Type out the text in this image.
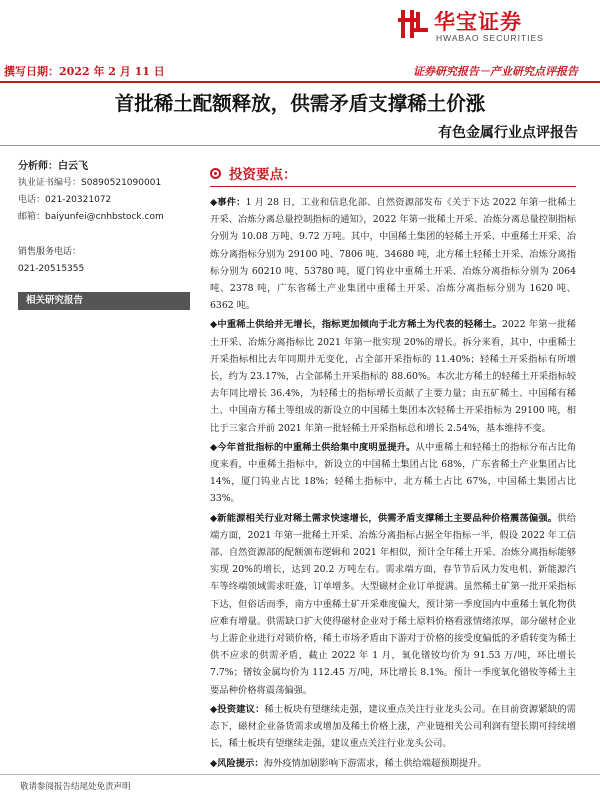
华宝证券
HWABAO SECURITIES
撰写日期：2022 年 2 月 11 日	证券研究报告－产业研究点评报告
首批稀土配额释放，供需矛盾支撑稀土价涨
有色金属行业点评报告
分析师：白云飞
执业证书编号：S0890521090001
电话：021-20321072
邮箱：baiyunfei@cnhbstock.com
销售服务电话：
021-20515355
相关研究报告
投资要点：

◆事件：1 月 28 日，工业和信息化部、自然资源部发布《关于下达 2022 年第一批稀土开采、冶炼分离总量控制指标的通知》，2022 年第一批稀土开采、冶炼分离总量控制指标分别为 10.08 万吨、9.72 万吨。其中，中国稀土集团的轻稀土开采、中重稀土开采、冶炼分离指标分别为 29100 吨、7806 吨、34680 吨，北方稀土轻稀土开采、冶炼分离指标分别为 60210 吨、53780 吨，厦门钨业中重稀土开采、冶炼分离指标分别为 2064 吨、2378 吨，广东省稀土产业集团中重稀土开采、冶炼分离指标分别为 1620 吨、6362 吨。

◆中重稀土供给并无增长，指标更加倾向于北方稀土为代表的轻稀土。2022 年第一批稀土开采、冶炼分离指标比 2021 年第一批实现 20%的增长。拆分来看，其中，中重稀土开采指标相比去年同期并无变化，占全部开采指标的 11.40%；轻稀土开采指标有所增长，约为 23.17%，占全部稀土开采指标的 88.60%。本次北方稀土的轻稀土开采指标较去年同比增长 36.4%，为轻稀土的指标增长贡献了主要力量；由五矿稀土、中国稀有稀土、中国南方稀土等组成的新设立的中国稀土集团本次轻稀土开采指标为 29100 吨，相比于三家合并前 2021 年第一批轻稀土开采指标总和增长 2.54%，基本维持不变。

◆今年首批指标的中重稀土供给集中度明显提升。从中重稀土和轻稀土的指标分布占比角度来看，中重稀土指标中，新设立的中国稀土集团占比 68%，广东省稀土产业集团占比 14%，厦门钨业占比 18%；轻稀土指标中，北方稀土占比 67%，中国稀土集团占比 33%。

◆新能源相关行业对稀土需求快速增长，供需矛盾支撑稀土主要品种价格震荡偏强。供给端方面，2021 年第一批稀土开采、冶炼分离指标占据全年指标一半，假设 2022 年工信部、自然资源部的配额颁布逻辑和 2021 年相似，预计全年稀土开采、冶炼分离指标能够实现 20%的增长，达到 20.2 万吨左右。需求端方面，春节节后风力发电机、新能源汽车等终端领域需求旺盛，订单增多。大型磁材企业订单提满。虽然稀土矿第一批开采指标下达，但俗话而季，南方中重稀土矿开采难度偏大，预计第一季度国内中重稀土氧化物供应难有增量。供需缺口扩大使得磁材企业对于稀土原料价格看涨情绪浓厚，部分磁材企业与上游企业进行对锁价格，稀土市场矛盾由下游对于价格的接受度偏低的矛盾转变为稀土供不应求的供需矛盾，截止 2022 年 1 月，氧化镨钕均价为 91.53 万/吨，环比增长 7.7%；镨钕金属均价为 112.45 万/吨，环比增长 8.1%。预计一季度氧化镨钕等稀土主要品种价格将震荡偏强。

◆投资建议：稀土板块有望继续走强，建议重点关注行业龙头公司。在目前资源紧缺的需态下，磁材企业备货需求或增加及稀土价格上涨，产业链相关公司利润有望长期可持续增长，稀土板块有望继续走强，建议重点关注行业龙头公司。

◆风险提示：海外疫情加剧影响下游需求，稀土供给端超预期提升。

敬请参阅报告结尾处免责声明
